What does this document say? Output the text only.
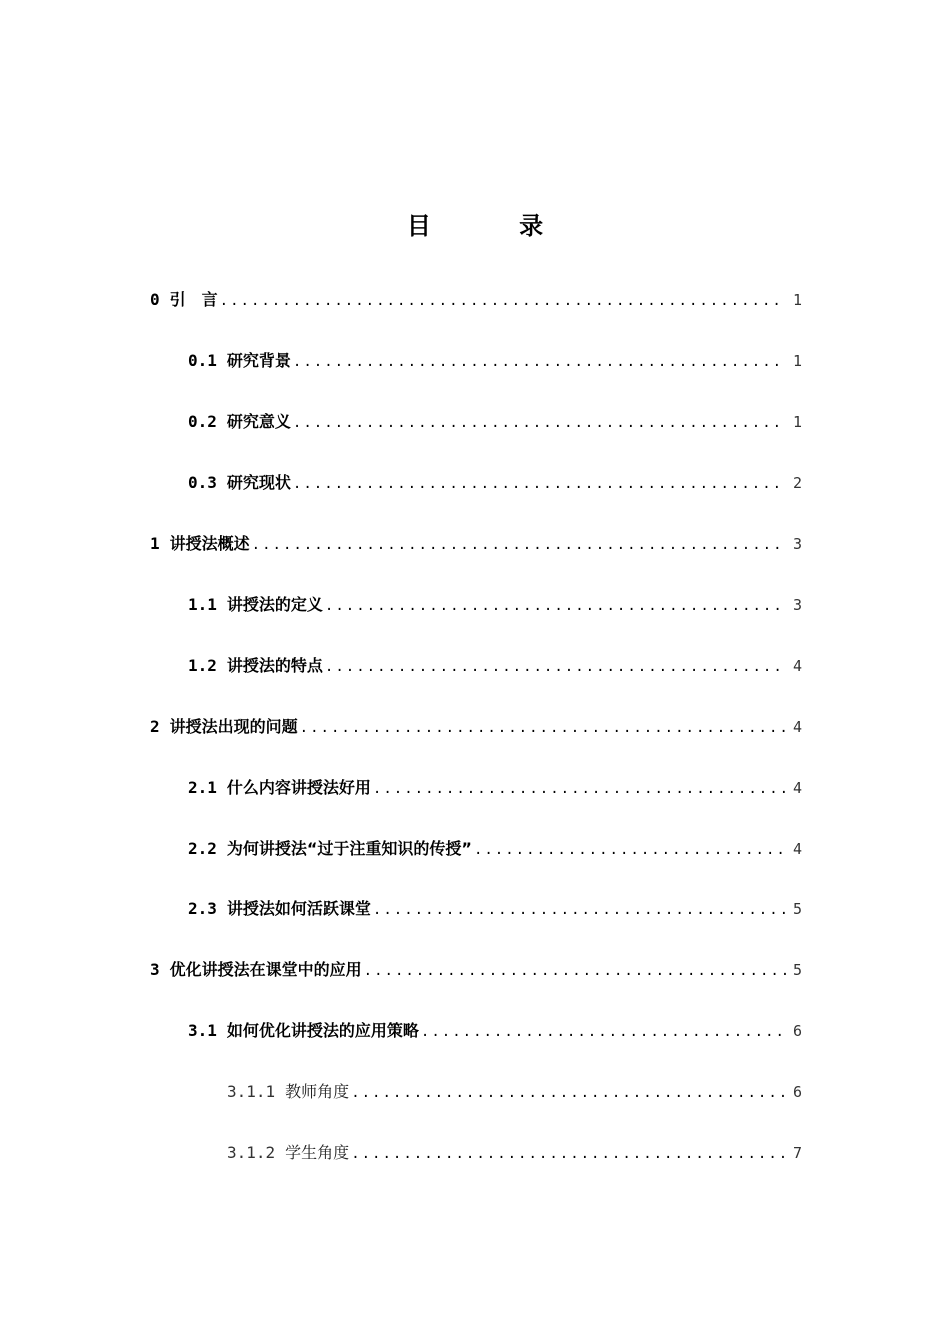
目 录
0 引　言 .....	1
0.1 研究背景 .....	1
0.2 研究意义 .....	1
0.3 研究现状 .....	2
1 讲授法概述 .....	3
1.1 讲授法的定义 .....	3
1.2 讲授法的特点 .....	4
2 讲授法出现的问题 .....	4
2.1 什么内容讲授法好用 .....	4
2.2 为何讲授法“过于注重知识的传授” .....	4
2.3 讲授法如何活跃课堂 .....	5
3 优化讲授法在课堂中的应用 .....	5
3.1 如何优化讲授法的应用策略 .....	6
3.1.1 教师角度 .....	6
3.1.2 学生角度 .....	7
